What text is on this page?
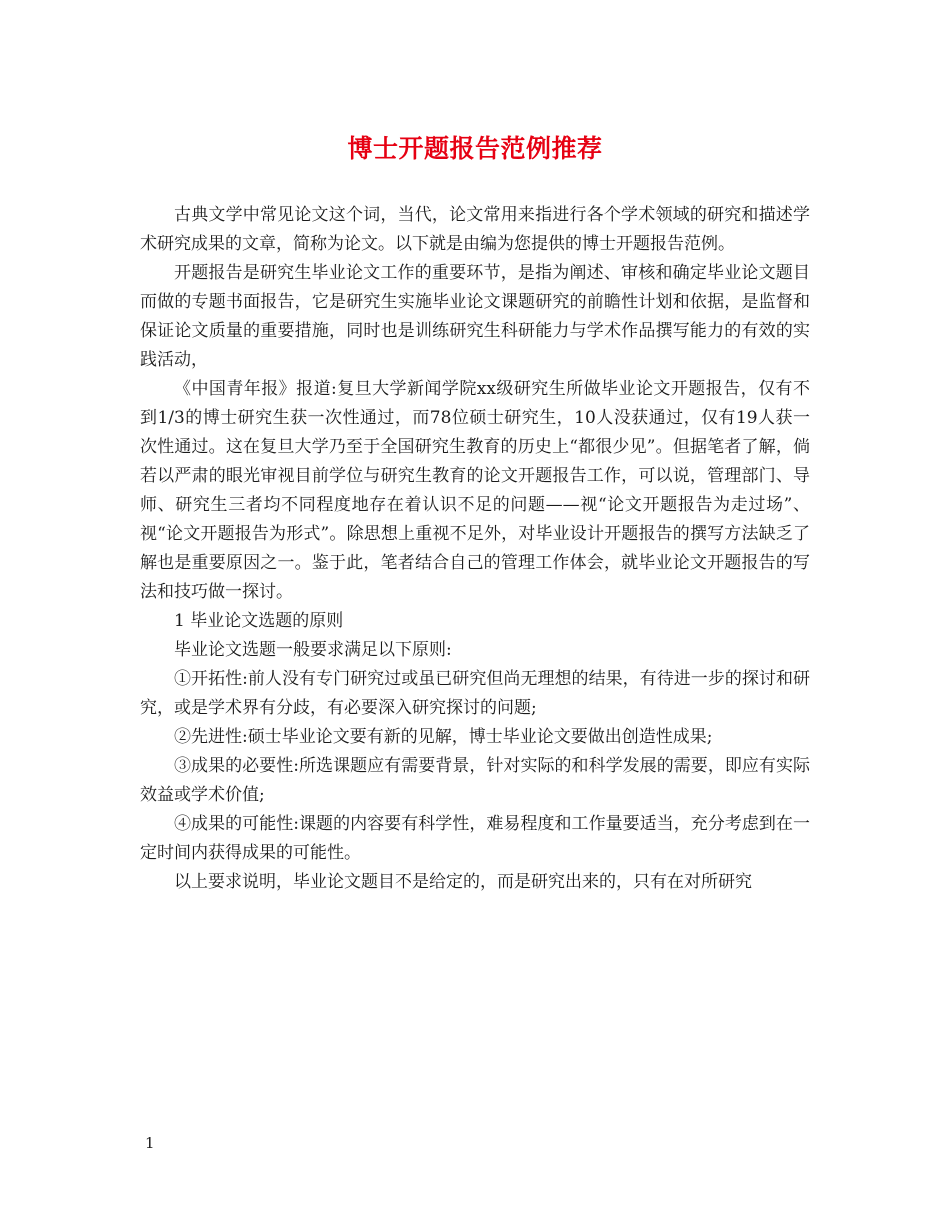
博士开题报告范例推荐

古典文学中常见论文这个词，当代，论文常用来指进行各个学术领域的研究和描述学术研究成果的文章，简称为论文。以下就是由编为您提供的博士开题报告范例。

开题报告是研究生毕业论文工作的重要环节，是指为阐述、审核和确定毕业论文题目而做的专题书面报告，它是研究生实施毕业论文课题研究的前瞻性计划和依据，是监督和保证论文质量的重要措施，同时也是训练研究生科研能力与学术作品撰写能力的有效的实践活动，

《中国青年报》报道:复旦大学新闻学院xx级研究生所做毕业论文开题报告，仅有不到1/3的博士研究生获一次性通过，而78位硕士研究生，10人没获通过，仅有19人获一次性通过。这在复旦大学乃至于全国研究生教育的历史上“都很少见”。但据笔者了解，倘若以严肃的眼光审视目前学位与研究生教育的论文开题报告工作，可以说，管理部门、导师、研究生三者均不同程度地存在着认识不足的问题——视“论文开题报告为走过场”、视“论文开题报告为形式”。除思想上重视不足外，对毕业设计开题报告的撰写方法缺乏了解也是重要原因之一。鉴于此，笔者结合自己的管理工作体会，就毕业论文开题报告的写法和技巧做一探讨。

1 毕业论文选题的原则

毕业论文选题一般要求满足以下原则:

①开拓性:前人没有专门研究过或虽已研究但尚无理想的结果，有待进一步的探讨和研究，或是学术界有分歧，有必要深入研究探讨的问题;

②先进性:硕士毕业论文要有新的见解，博士毕业论文要做出创造性成果;

③成果的必要性:所选课题应有需要背景，针对实际的和科学发展的需要，即应有实际效益或学术价值;

④成果的可能性:课题的内容要有科学性，难易程度和工作量要适当，充分考虑到在一定时间内获得成果的可能性。

以上要求说明，毕业论文题目不是给定的，而是研究出来的，只有在对所研究

1
